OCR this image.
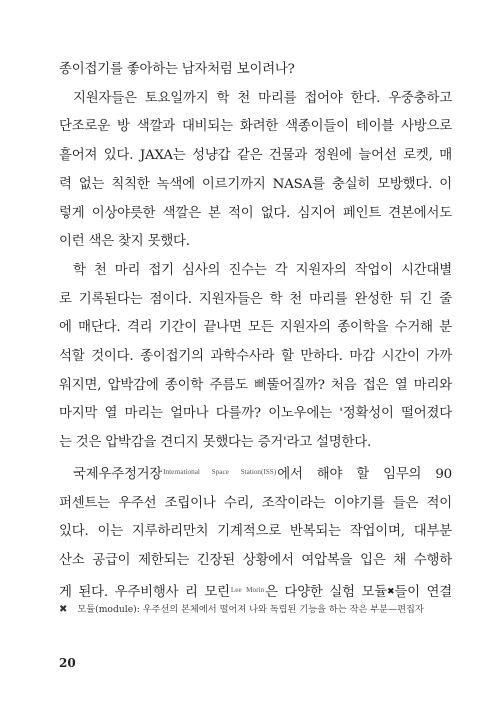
종이접기를 좋아하는 남자처럼 보이려나?
지원자들은 토요일까지 학 천 마리를 접어야 한다. 우중충하고
단조로운 방 색깔과 대비되는 화려한 색종이들이 테이블 사방으로
흩어져 있다. JAXA는 성냥갑 같은 건물과 정원에 늘어선 로켓, 매
력 없는 칙칙한 녹색에 이르기까지 NASA를 충실히 모방했다. 이
렇게 이상야릇한 색깔은 본 적이 없다. 심지어 페인트 견본에서도
이런 색은 찾지 못했다.
학 천 마리 접기 심사의 진수는 각 지원자의 작업이 시간대별
로 기록된다는 점이다. 지원자들은 학 천 마리를 완성한 뒤 긴 줄
에 매단다. 격리 기간이 끝나면 모든 지원자의 종이학을 수거해 분
석할 것이다. 종이접기의 과학수사라 할 만하다. 마감 시간이 가까
워지면, 압박감에 종이학 주름도 삐뚤어질까? 처음 접은 열 마리와
마지막 열 마리는 얼마나 다를까? 이노우에는 '정확성이 떨어졌다
는 것은 압박감을 견디지 못했다는 증거'라고 설명한다.
국제우주정거장$^{International Space Station(ISS)}$에서 해야 할 임무의 90
퍼센트는 우주선 조립이나 수리, 조작이라는 이야기를 들은 적이
있다. 이는 지루하리만치 기계적으로 반복되는 작업이며, 대부분
산소 공급이 제한되는 긴장된 상황에서 여압복을 입은 채 수행하
게 된다. 우주비행사 리 모린$^{Lee Morin}$은 다양한 실험 모듈✖들이 연결
✖ 모듈(module): 우주선의 본체에서 떨어져 나와 독립된 기능을 하는 작은 부분—편집자
20
